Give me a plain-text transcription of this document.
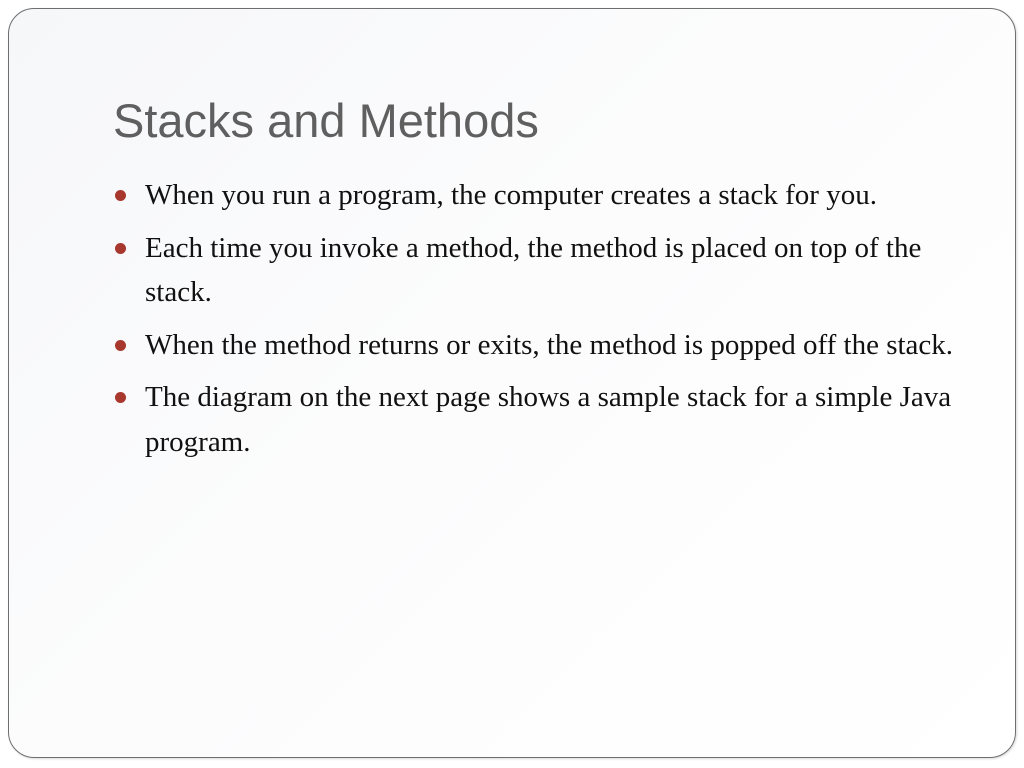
Stacks and Methods
When you run a program, the computer creates a stack for you.
Each time you invoke a method, the method is placed on top of the stack.
When the method returns or exits, the method is popped off the stack.
The diagram on the next page shows a sample stack for a simple Java program.
